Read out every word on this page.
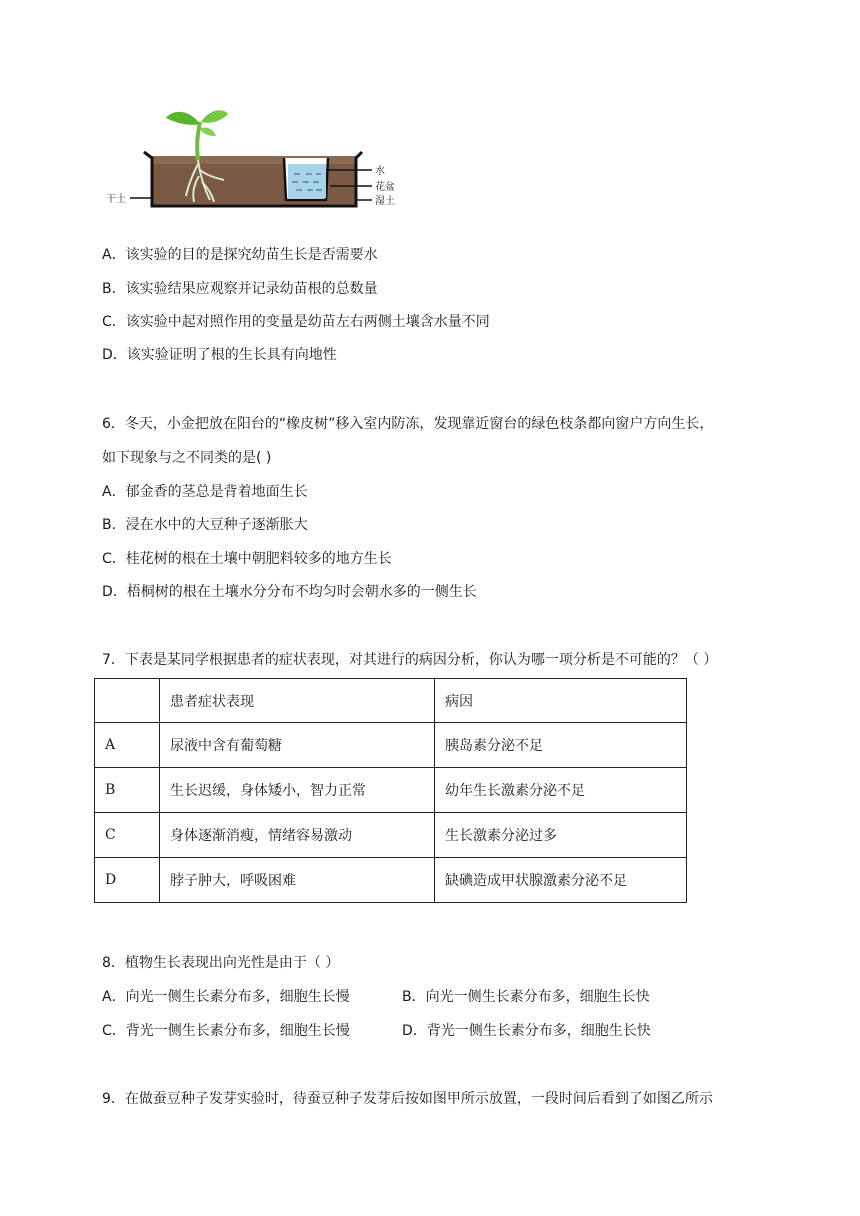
干土
水
花盆
湿土
A．该实验的目的是探究幼苗生长是否需要水
B．该实验结果应观察并记录幼苗根的总数量
C．该实验中起对照作用的变量是幼苗左右两侧土壤含水量不同
D．该实验证明了根的生长具有向地性
6．冬天，小金把放在阳台的“橡皮树”移入室内防冻，发现靠近窗台的绿色枝条都向窗户方向生长，
如下现象与之不同类的是( )
A．郁金香的茎总是背着地面生长
B．浸在水中的大豆种子逐渐胀大
C．桂花树的根在土壤中朝肥料较多的地方生长
D．梧桐树的根在土壤水分分布不均匀时会朝水多的一侧生长
7．下表是某同学根据患者的症状表现，对其进行的病因分析，你认为哪一项分析是不可能的？（ ）
	患者症状表现	病因
A	尿液中含有葡萄糖	胰岛素分泌不足
B	生长迟缓，身体矮小，智力正常	幼年生长激素分泌不足
C	身体逐渐消瘦，情绪容易激动	生长激素分泌过多
D	脖子肿大，呼吸困难	缺碘造成甲状腺激素分泌不足
8．植物生长表现出向光性是由于（ ）
A．向光一侧生长素分布多，细胞生长慢	B．向光一侧生长素分布多，细胞生长快
C．背光一侧生长素分布多，细胞生长慢	D．背光一侧生长素分布多，细胞生长快
9．在做蚕豆种子发芽实验时，待蚕豆种子发芽后按如图甲所示放置，一段时间后看到了如图乙所示
